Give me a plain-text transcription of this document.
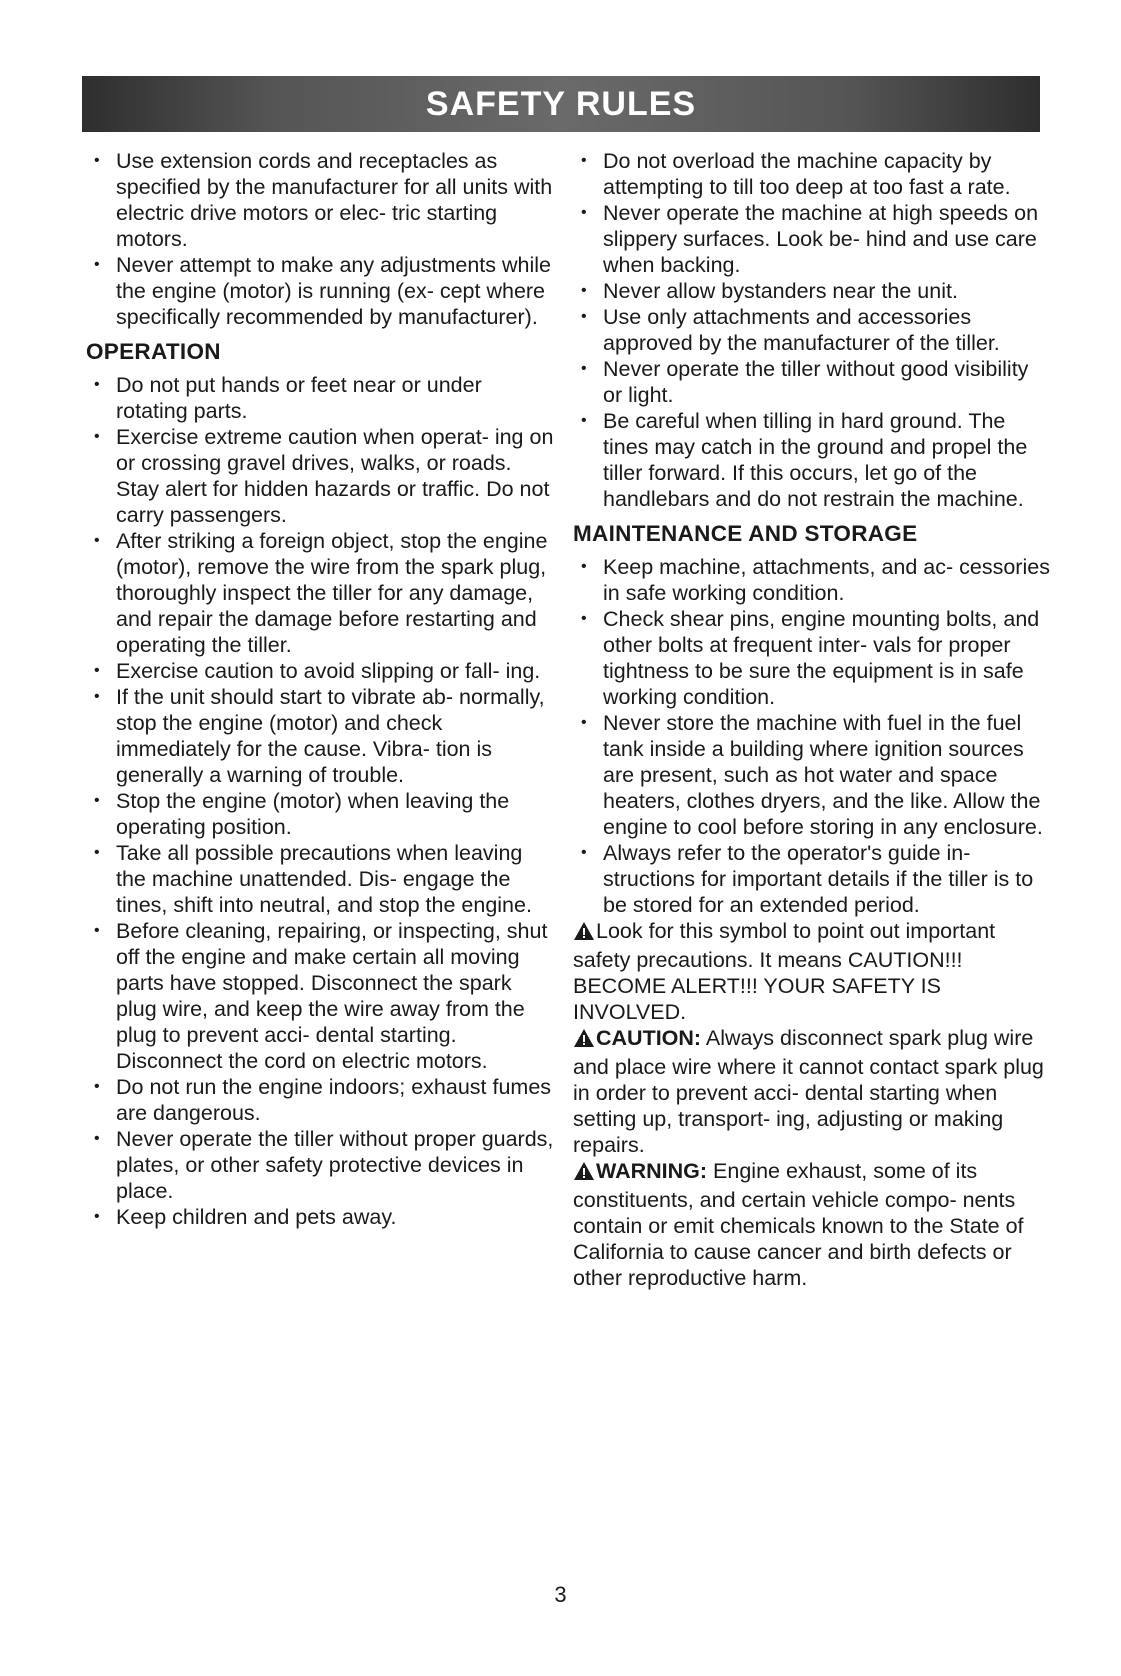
SAFETY RULES
• Use extension cords and receptacles as specified by the manufacturer for all units with electric drive motors or elec- tric starting motors.
• Never attempt to make any adjustments while the engine (motor) is running (ex- cept where specifically recommended by manufacturer).
OPERATION
• Do not put hands or feet near or under rotating parts.
• Exercise extreme caution when operat- ing on or crossing gravel drives, walks, or roads. Stay alert for hidden hazards or traffic. Do not carry passengers.
• After striking a foreign object, stop the engine (motor), remove the wire from the spark plug, thoroughly inspect the tiller for any damage, and repair the damage before restarting and operating the tiller.
• Exercise caution to avoid slipping or fall- ing.
• If the unit should start to vibrate ab- normally, stop the engine (motor) and check immediately for the cause. Vibra- tion is generally a warning of trouble.
• Stop the engine (motor) when leaving the operating position.
• Take all possible precautions when leaving the machine unattended. Dis- engage the tines, shift into neutral, and stop the engine.
• Before cleaning, repairing, or inspecting, shut off the engine and make certain all moving parts have stopped. Disconnect the spark plug wire, and keep the wire away from the plug to prevent acci- dental starting. Disconnect the cord on electric motors.
• Do not run the engine indoors; exhaust fumes are dangerous.
• Never operate the tiller without proper guards, plates, or other safety protective devices in place.
• Keep children and pets away.
• Do not overload the machine capacity by attempting to till too deep at too fast a rate.
• Never operate the machine at high speeds on slippery surfaces. Look be- hind and use care when backing.
• Never allow bystanders near the unit.
• Use only attachments and accessories approved by the manufacturer of the tiller.
• Never operate the tiller without good visibility or light.
• Be careful when tilling in hard ground. The tines may catch in the ground and propel the tiller forward. If this occurs, let go of the handlebars and do not restrain the machine.
MAINTENANCE AND STORAGE
• Keep machine, attachments, and ac- cessories in safe working condition.
• Check shear pins, engine mounting bolts, and other bolts at frequent inter- vals for proper tightness to be sure the equipment is in safe working condition.
• Never store the machine with fuel in the fuel tank inside a building where ignition sources are present, such as hot water and space heaters, clothes dryers, and the like. Allow the engine to cool before storing in any enclosure.
• Always refer to the operator's guide in- structions for important details if the tiller is to be stored for an extended period.

Look for this symbol to point out important safety precautions. It means CAUTION!!! BECOME ALERT!!! YOUR SAFETY IS INVOLVED.

CAUTION: Always disconnect spark plug wire and place wire where it cannot contact spark plug in order to prevent acci- dental starting when setting up, transport- ing, adjusting or making repairs.

WARNING: Engine exhaust, some of its constituents, and certain vehicle compo- nents contain or emit chemicals known to the State of California to cause cancer and birth defects or other reproductive harm.

3
